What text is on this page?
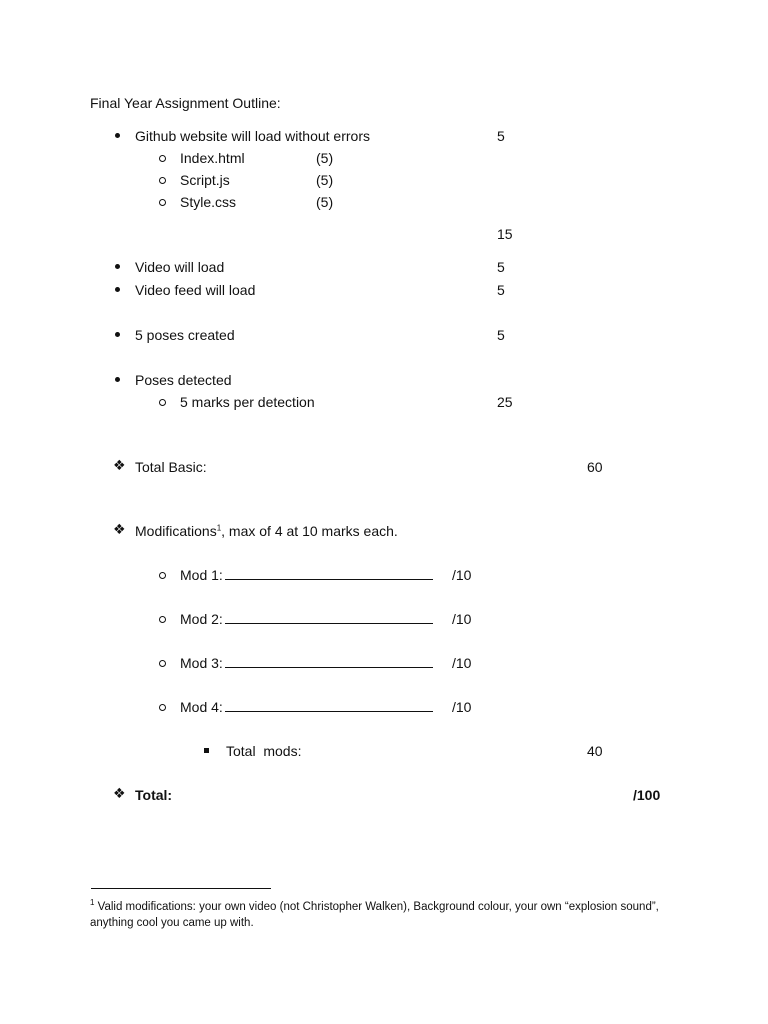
Final Year Assignment Outline:
Github website will load without errors	5
Index.html	(5)
Script.js	(5)
Style.css	(5)
15
Video will load	5
Video feed will load	5
5 poses created	5
Poses detected
5 marks per detection	25
❖ Total Basic:	60
❖ Modifications$^1$, max of 4 at 10 marks each.
Mod 1:	/10
Mod 2:	/10
Mod 3:	/10
Mod 4:	/10
Total  mods:	40
❖ Total:	/100
$^1$ Valid modifications: your own video (not Christopher Walken), Background colour, your own “explosion sound”, anything cool you came up with.
